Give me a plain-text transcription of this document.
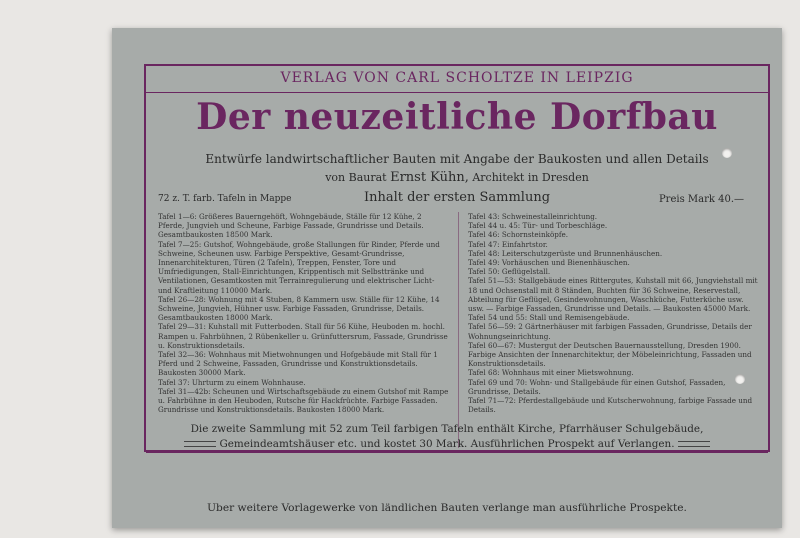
VERLAG VON CARL SCHOLTZE IN LEIPZIG
Der neuzeitliche Dorfbau
Entwürfe landwirtschaftlicher Bauten mit Angabe der Baukosten und allen Details
von Baurat Ernst Kühn, Architekt in Dresden
72 z. T. farb. Tafeln in Mappe	Inhalt der ersten Sammlung	Preis Mark 40.—
Tafel 1—6: Größeres Bauerngehöft, Wohngebäude, Ställe für 12 Kühe, 2 Pferde, Jungvieh und Scheune, Farbige Fassade, Grundrisse und Details. Gesamtbaukosten 18500 Mark.
Tafel 7—25: Gutshof, Wohngebäude, große Stallungen für Rinder, Pferde und Schweine, Scheunen usw. Farbige Perspektive, Gesamt-Grundrisse, Innenarchitekturen, Türen (2 Tafeln), Treppen, Fenster, Tore und Umfriedigungen, Stall-Einrichtungen, Krippentisch mit Selbsttränke und Ventilationen, Gesamtkosten mit Terrainregulierung und elektrischer Licht- und Kraftleitung 110000 Mark.
Tafel 26—28: Wohnung mit 4 Stuben, 8 Kammern usw. Ställe für 12 Kühe, 14 Schweine, Jungvieh, Hühner usw. Farbige Fassaden, Grundrisse, Details. Gesamtbaukosten 18000 Mark.
Tafel 29—31: Kuhstall mit Futterboden. Stall für 56 Kühe, Heuboden m. hochl. Rampen u. Fahrbühnen, 2 Rübenkeller u. Grünfuttersrum, Fassade, Grundrisse u. Konstruktionsdetails.
Tafel 32—36: Wohnhaus mit Mietwohnungen und Hofgebäude mit Stall für 1 Pferd und 2 Schweine, Fassaden, Grundrisse und Konstruktionsdetails. Baukosten 30000 Mark.
Tafel 37: Uhrturm zu einem Wohnhause.
Tafel 31—42b: Scheunen und Wirtschaftsgebäude zu einem Gutshof mit Rampe u. Fahrbühne in den Heuboden, Rutsche für Hackfrüchte. Farbige Fassaden. Grundrisse und Konstruktionsdetails. Baukosten 18000 Mark.
Tafel 43: Schweinestalleinrichtung.
Tafel 44 u. 45: Tür- und Torbeschläge.
Tafel 46: Schornsteinköpfe.
Tafel 47: Einfahrtstor.
Tafel 48: Leiterschutzgerüste und Brunnenhäuschen.
Tafel 49: Vorhäuschen und Bienenhäuschen.
Tafel 50: Geflügelstall.
Tafel 51—53: Stallgebäude eines Rittergutes, Kuhstall mit 66, Jungviehstall mit 18 und Ochsenstall mit 8 Ständen, Buchten für 36 Schweine, Reservestall, Abteilung für Geflügel, Gesindewohnungen, Waschküche, Futterküche usw. usw. — Farbige Fassaden, Grundrisse und Details. — Baukosten 45000 Mark.
Tafel 54 und 55: Stall und Remisengebäude.
Tafel 56—59: 2 Gärtnerhäuser mit farbigen Fassaden, Grundrisse, Details der Wohnungseinrichtung.
Tafel 60—67: Mustergut der Deutschen Bauernausstellung, Dresden 1900. Farbige Ansichten der Innenarchitektur, der Möbeleinrichtung, Fassaden und Konstruktionsdetails.
Tafel 68: Wohnhaus mit einer Mietswohnung.
Tafel 69 und 70: Wohn- und Stallgebäude für einen Gutshof, Fassaden, Grundrisse, Details.
Tafel 71—72: Pferdestallgebäude und Kutscherwohnung, farbige Fassade und Details.
Die zweite Sammlung mit 52 zum Teil farbigen Tafeln enthält Kirche, Pfarrhäuser Schulgebäude,
Gemeindeamtshäuser etc. und kostet 30 Mark. Ausführlichen Prospekt auf Verlangen.
Uber weitere Vorlagewerke von ländlichen Bauten verlange man ausführliche Prospekte.
